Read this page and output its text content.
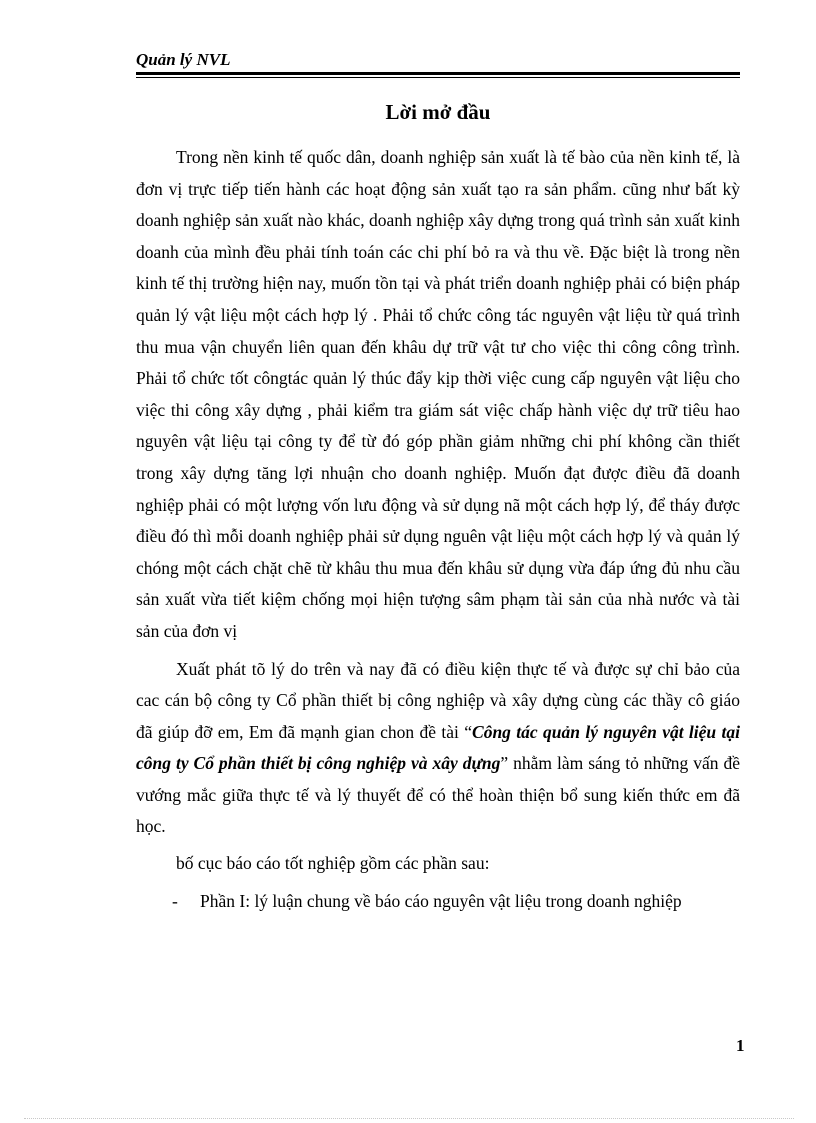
Quản lý NVL

Lời mở đầu

Trong nền kinh tế quốc dân, doanh nghiệp sản xuất là tế bào của nền kinh tế, là đơn vị trực tiếp tiến hành các hoạt động sản xuất tạo ra sản phẩm. cũng như bất kỳ doanh nghiệp sản xuất nào khác, doanh nghiệp xây dựng trong quá trình sản xuất kinh doanh của mình đều phải tính toán các chi phí bỏ ra và thu về. Đặc biệt là trong nền kinh tế thị trường hiện nay, muốn tồn tại và phát triển doanh nghiệp phải có biện pháp quản lý vật liệu một cách hợp lý . Phải tổ chức công tác nguyên vật liệu từ quá trình thu mua vận chuyển liên quan đến khâu dự trữ vật tư cho việc thi công công trình. Phải tổ chức tốt côngtác quản lý thúc đẩy kịp thời việc cung cấp nguyên vật liệu cho việc thi công xây dựng , phải kiểm tra giám sát việc chấp hành việc dự trữ tiêu hao nguyên vật liệu tại công ty để từ đó góp phần giảm những chi phí không cần thiết trong xây dựng tăng lợi nhuận cho doanh nghiệp. Muốn đạt được điều đã doanh nghiệp phải có một lượng vốn lưu động và sử dụng nã một cách hợp lý, để tháy được điều đó thì mỗi doanh nghiệp phải sử dụng nguên vật liệu một cách hợp lý và quản lý chóng một cách chặt chẽ từ khâu thu mua đến khâu sử dụng vừa đáp ứng đủ nhu cầu sản xuất vừa tiết kiệm chống mọi hiện tượng sâm phạm tài sản của nhà nước và tài sản của đơn vị

Xuất phát tõ lý do trên và nay đã có điều kiện thực tế và được sự chỉ bảo của cac cán bộ công ty Cổ phần thiết bị công nghiệp và xây dựng cùng các thầy cô giáo đã giúp đỡ em, Em đã mạnh gian chon đề tài “Công tác quản lý nguyên vật liệu tại công ty Cổ phần thiết bị công nghiệp và xây dựng” nhằm làm sáng tỏ những vấn đề vướng mắc giữa thực tế và lý thuyết để có thể hoàn thiện bổ sung kiến thức em đã học.

bố cục báo cáo tốt nghiệp gồm các phần sau:

- Phần I: lý luận chung về báo cáo nguyên vật liệu trong doanh nghiệp

1
